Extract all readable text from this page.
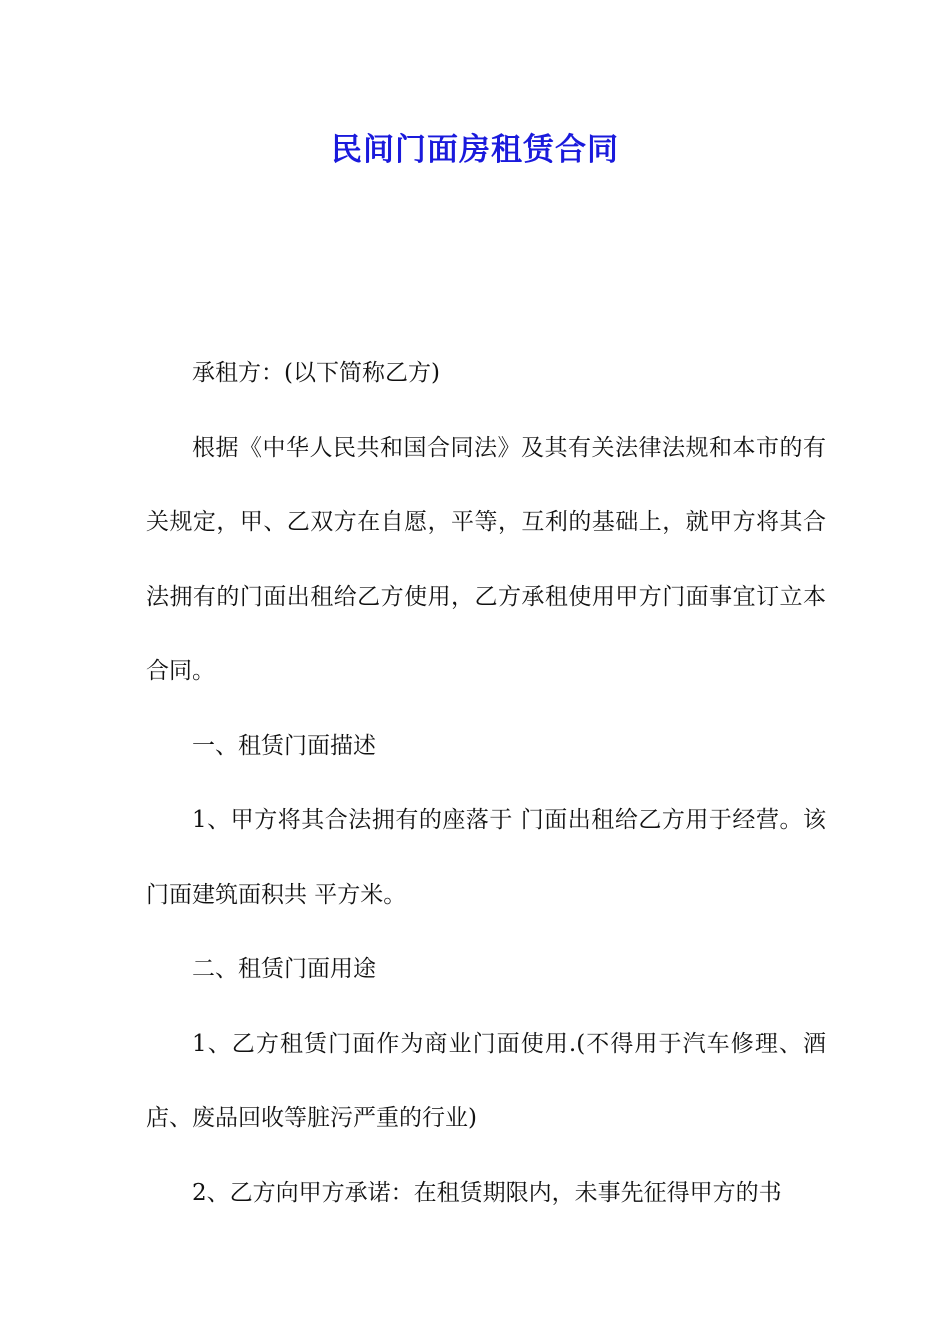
民间门面房租赁合同

承租方：(以下简称乙方)

根据《中华人民共和国合同法》及其有关法律法规和本市的有关规定，甲、乙双方在自愿，平等，互利的基础上，就甲方将其合法拥有的门面出租给乙方使用，乙方承租使用甲方门面事宜订立本合同。

一、租赁门面描述

1、甲方将其合法拥有的座落于 门面出租给乙方用于经营。该门面建筑面积共 平方米。

二、租赁门面用途

1、乙方租赁门面作为商业门面使用.(不得用于汽车修理、酒店、废品回收等脏污严重的行业)

2、乙方向甲方承诺：在租赁期限内，未事先征得甲方的书
